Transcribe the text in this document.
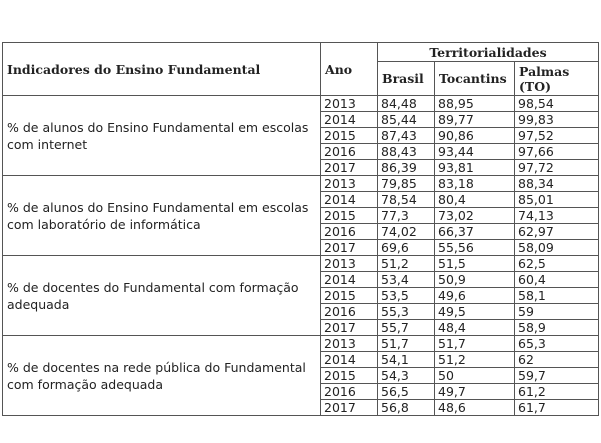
Indicadores do Ensino Fundamental	Ano	Territorialidades		
		Brasil	Tocantins	Palmas (TO)
% de alunos do Ensino Fundamental em escolas com internet	2013	84,48	88,95	98,54
	2014	85,44	89,77	99,83
	2015	87,43	90,86	97,52
	2016	88,43	93,44	97,66
	2017	86,39	93,81	97,72
% de alunos do Ensino Fundamental em escolas com laboratório de informática	2013	79,85	83,18	88,34
	2014	78,54	80,4	85,01
	2015	77,3	73,02	74,13
	2016	74,02	66,37	62,97
	2017	69,6	55,56	58,09
% de docentes do Fundamental com formação adequada	2013	51,2	51,5	62,5
	2014	53,4	50,9	60,4
	2015	53,5	49,6	58,1
	2016	55,3	49,5	59
	2017	55,7	48,4	58,9
% de docentes na rede pública do Fundamental com formação adequada	2013	51,7	51,7	65,3
	2014	54,1	51,2	62
	2015	54,3	50	59,7
	2016	56,5	49,7	61,2
	2017	56,8	48,6	61,7
